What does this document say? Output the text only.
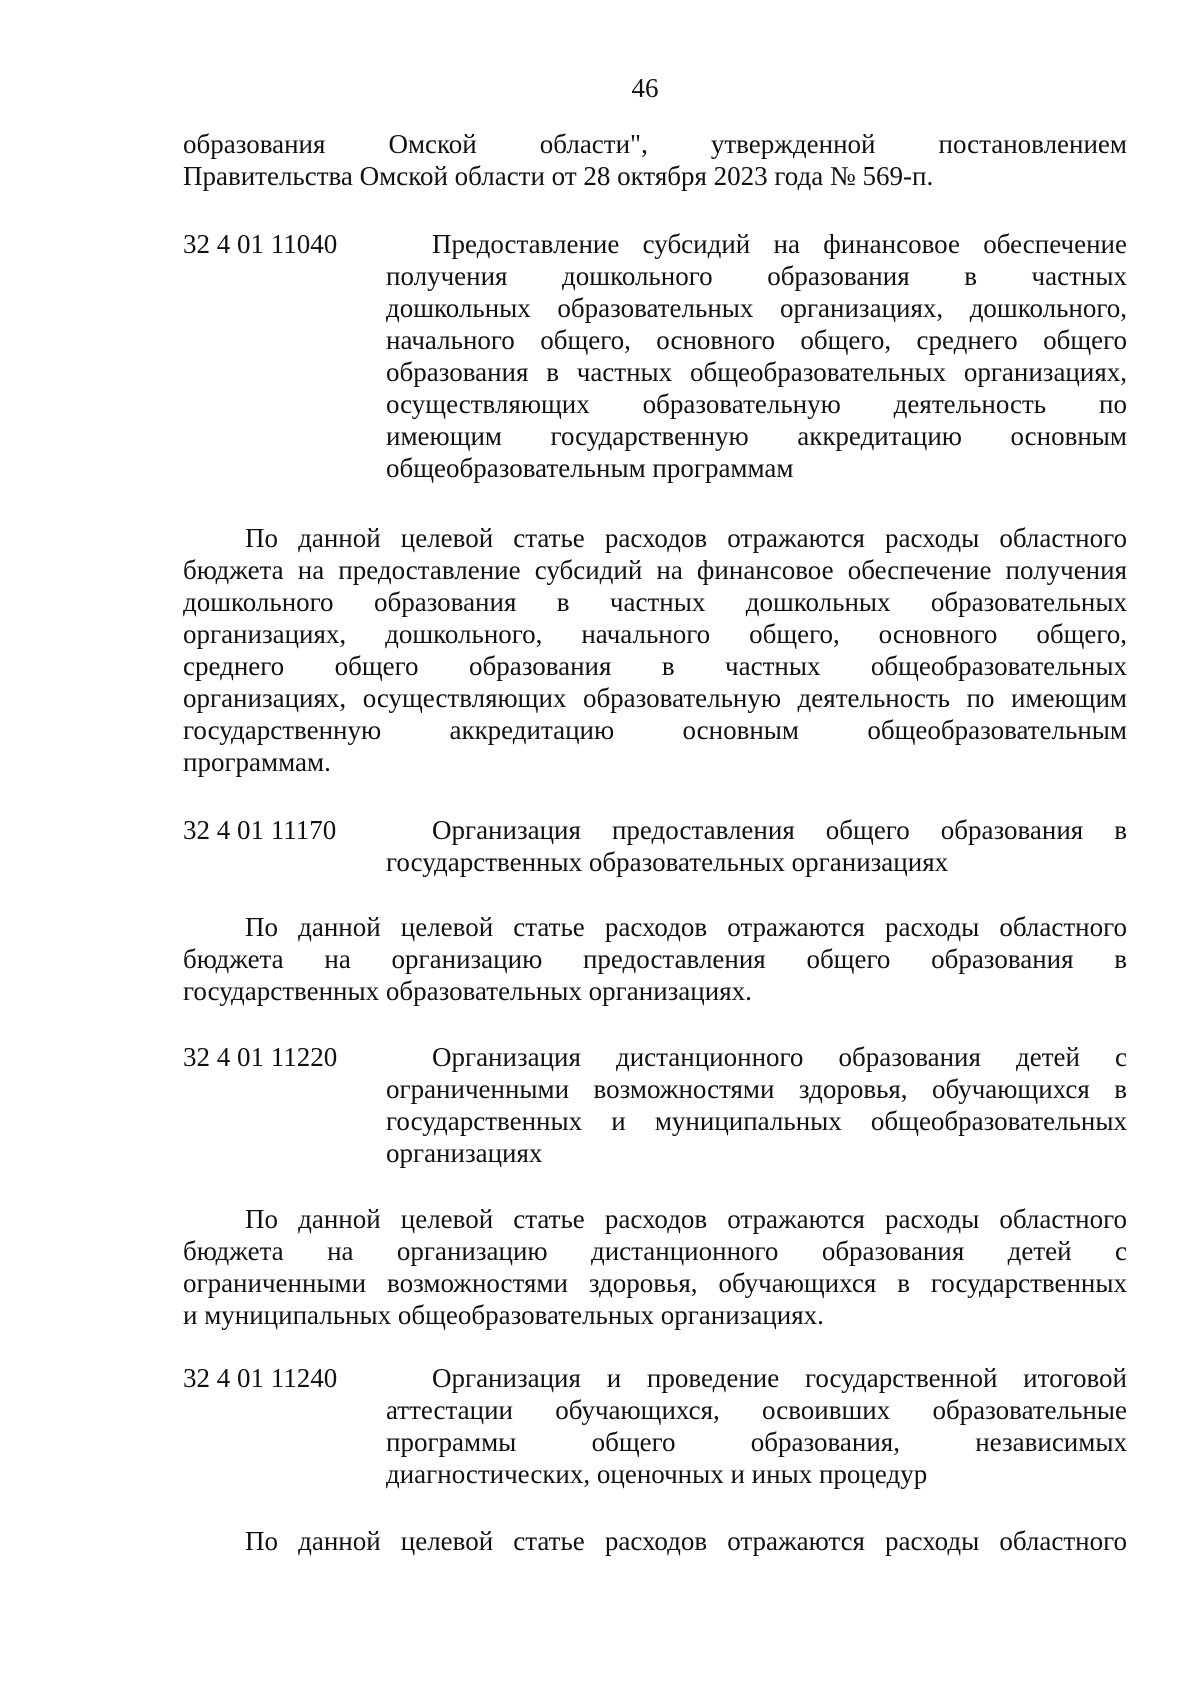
46
образования Омской области", утвержденной постановлением
Правительства Омской области от 28 октября 2023 года № 569-п.
32 4 01 11040	Предоставление субсидий на финансовое обеспечение
получения дошкольного образования в частных
дошкольных образовательных организациях, дошкольного,
начального общего, основного общего, среднего общего
образования в частных общеобразовательных организациях,
осуществляющих образовательную деятельность по
имеющим государственную аккредитацию основным
общеобразовательным программам
По данной целевой статье расходов отражаются расходы областного
бюджета на предоставление субсидий на финансовое обеспечение получения
дошкольного образования в частных дошкольных образовательных
организациях, дошкольного, начального общего, основного общего,
среднего общего образования в частных общеобразовательных
организациях, осуществляющих образовательную деятельность по имеющим
государственную аккредитацию основным общеобразовательным
программам.
32 4 01 11170	Организация предоставления общего образования в
государственных образовательных организациях
По данной целевой статье расходов отражаются расходы областного
бюджета на организацию предоставления общего образования в
государственных образовательных организациях.
32 4 01 11220	Организация дистанционного образования детей с
ограниченными возможностями здоровья, обучающихся в
государственных и муниципальных общеобразовательных
организациях
По данной целевой статье расходов отражаются расходы областного
бюджета на организацию дистанционного образования детей с
ограниченными возможностями здоровья, обучающихся в государственных
и муниципальных общеобразовательных организациях.
32 4 01 11240	Организация и проведение государственной итоговой
аттестации обучающихся, освоивших образовательные
программы общего образования, независимых
диагностических, оценочных и иных процедур
По данной целевой статье расходов отражаются расходы областного
